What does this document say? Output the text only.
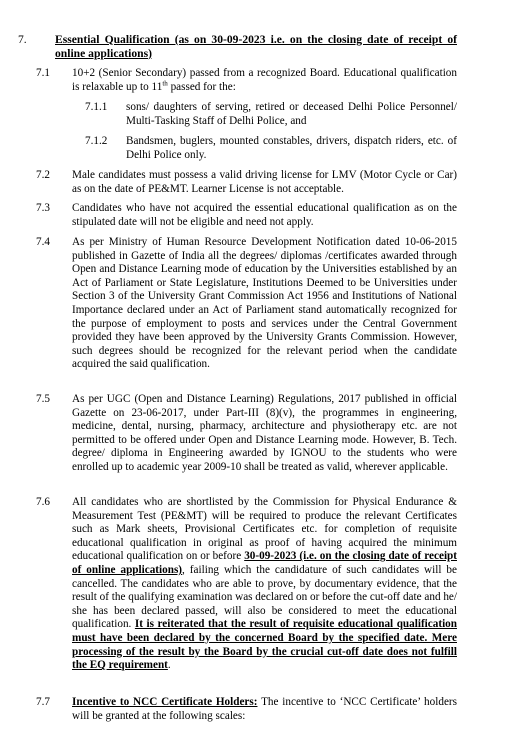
7. Essential Qualification (as on 30-09-2023 i.e. on the closing date of receipt of online applications)
7.1 10+2 (Senior Secondary) passed from a recognized Board. Educational qualification is relaxable up to 11th passed for the:
7.1.1 sons/ daughters of serving, retired or deceased Delhi Police Personnel/ Multi-Tasking Staff of Delhi Police, and
7.1.2 Bandsmen, buglers, mounted constables, drivers, dispatch riders, etc. of Delhi Police only.
7.2 Male candidates must possess a valid driving license for LMV (Motor Cycle or Car) as on the date of PE&MT. Learner License is not acceptable.
7.3 Candidates who have not acquired the essential educational qualification as on the stipulated date will not be eligible and need not apply.
7.4 As per Ministry of Human Resource Development Notification dated 10-06-2015 published in Gazette of India all the degrees/ diplomas /certificates awarded through Open and Distance Learning mode of education by the Universities established by an Act of Parliament or State Legislature, Institutions Deemed to be Universities under Section 3 of the University Grant Commission Act 1956 and Institutions of National Importance declared under an Act of Parliament stand automatically recognized for the purpose of employment to posts and services under the Central Government provided they have been approved by the University Grants Commission. However, such degrees should be recognized for the relevant period when the candidate acquired the said qualification.
7.5 As per UGC (Open and Distance Learning) Regulations, 2017 published in official Gazette on 23-06-2017, under Part-III (8)(v), the programmes in engineering, medicine, dental, nursing, pharmacy, architecture and physiotherapy etc. are not permitted to be offered under Open and Distance Learning mode. However, B. Tech. degree/ diploma in Engineering awarded by IGNOU to the students who were enrolled up to academic year 2009-10 shall be treated as valid, wherever applicable.
7.6 All candidates who are shortlisted by the Commission for Physical Endurance & Measurement Test (PE&MT) will be required to produce the relevant Certificates such as Mark sheets, Provisional Certificates etc. for completion of requisite educational qualification in original as proof of having acquired the minimum educational qualification on or before 30-09-2023 (i.e. on the closing date of receipt of online applications), failing which the candidature of such candidates will be cancelled. The candidates who are able to prove, by documentary evidence, that the result of the qualifying examination was declared on or before the cut-off date and he/ she has been declared passed, will also be considered to meet the educational qualification. It is reiterated that the result of requisite educational qualification must have been declared by the concerned Board by the specified date. Mere processing of the result by the Board by the crucial cut-off date does not fulfill the EQ requirement.
7.7 Incentive to NCC Certificate Holders: The incentive to ‘NCC Certificate’ holders will be granted at the following scales:
